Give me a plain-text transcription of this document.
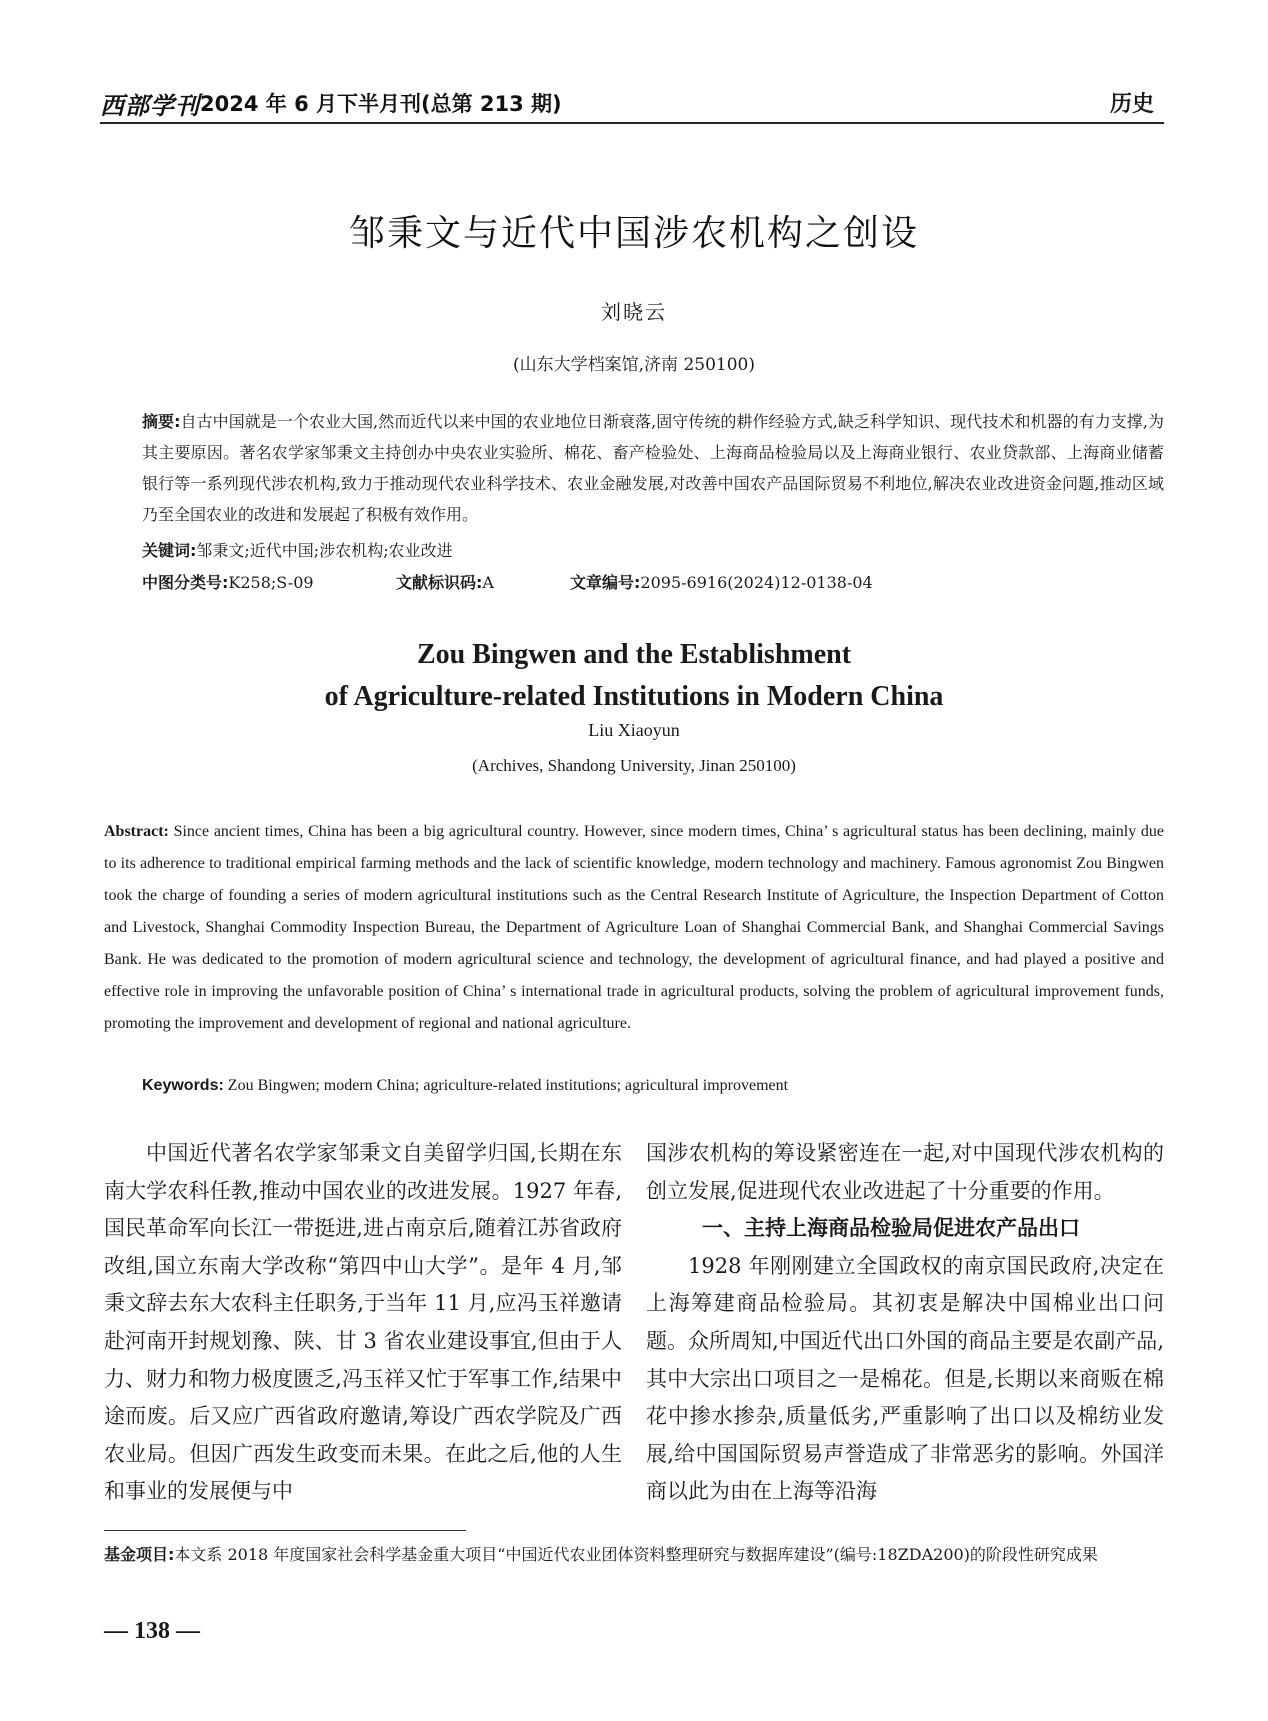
西部学刊 2024 年 6 月下半月刊(总第 213 期)	历史
邹秉文与近代中国涉农机构之创设
刘晓云
(山东大学档案馆,济南 250100)
摘要:自古中国就是一个农业大国,然而近代以来中国的农业地位日渐衰落,固守传统的耕作经验方式,缺乏科学知识、现代技术和机器的有力支撑,为其主要原因。著名农学家邹秉文主持创办中央农业实验所、棉花、畜产检验处、上海商品检验局以及上海商业银行、农业贷款部、上海商业储蓄银行等一系列现代涉农机构,致力于推动现代农业科学技术、农业金融发展,对改善中国农产品国际贸易不利地位,解决农业改进资金问题,推动区域乃至全国农业的改进和发展起了积极有效作用。
关键词:邹秉文;近代中国;涉农机构;农业改进
中图分类号:K258;S-09	文献标识码:A	文章编号:2095-6916(2024)12-0138-04
Zou Bingwen and the Establishment
of Agriculture-related Institutions in Modern China
Liu Xiaoyun
(Archives, Shandong University, Jinan 250100)
Abstract: Since ancient times, China has been a big agricultural country. However, since modern times, China’ s agricultural status has been declining, mainly due to its adherence to traditional empirical farming methods and the lack of scientific knowledge, modern technology and machinery. Famous agronomist Zou Bingwen took the charge of founding a series of modern agricultural institutions such as the Central Research Institute of Agriculture, the Inspection Department of Cotton and Livestock, Shanghai Commodity Inspection Bureau, the Department of Agriculture Loan of Shanghai Commercial Bank, and Shanghai Commercial Savings Bank. He was dedicated to the promotion of modern agricultural science and technology, the development of agricultural finance, and had played a positive and effective role in improving the unfavorable position of China’ s international trade in agricultural products, solving the problem of agricultural improvement funds, promoting the improvement and development of regional and national agriculture.
Keywords: Zou Bingwen; modern China; agriculture-related institutions; agricultural improvement

中国近代著名农学家邹秉文自美留学归国,长期在东南大学农科任教,推动中国农业的改进发展。1927 年春,国民革命军向长江一带挺进,进占南京后,随着江苏省政府改组,国立东南大学改称“第四中山大学”。是年 4 月,邹秉文辞去东大农科主任职务,于当年 11 月,应冯玉祥邀请赴河南开封规划豫、陕、甘 3 省农业建设事宜,但由于人力、财力和物力极度匮乏,冯玉祥又忙于军事工作,结果中途而废。后又应广西省政府邀请,筹设广西农学院及广西农业局。但因广西发生政变而未果。在此之后,他的人生和事业的发展便与中

国涉农机构的筹设紧密连在一起,对中国现代涉农机构的创立发展,促进现代农业改进起了十分重要的作用。

一、主持上海商品检验局促进农产品出口

1928 年刚刚建立全国政权的南京国民政府,决定在上海筹建商品检验局。其初衷是解决中国棉业出口问题。众所周知,中国近代出口外国的商品主要是农副产品,其中大宗出口项目之一是棉花。但是,长期以来商贩在棉花中掺水掺杂,质量低劣,严重影响了出口以及棉纺业发展,给中国国际贸易声誉造成了非常恶劣的影响。外国洋商以此为由在上海等沿海

基金项目:本文系 2018 年度国家社会科学基金重大项目“中国近代农业团体资料整理研究与数据库建设”(编号:18ZDA200)的阶段性研究成果
— 138 —
